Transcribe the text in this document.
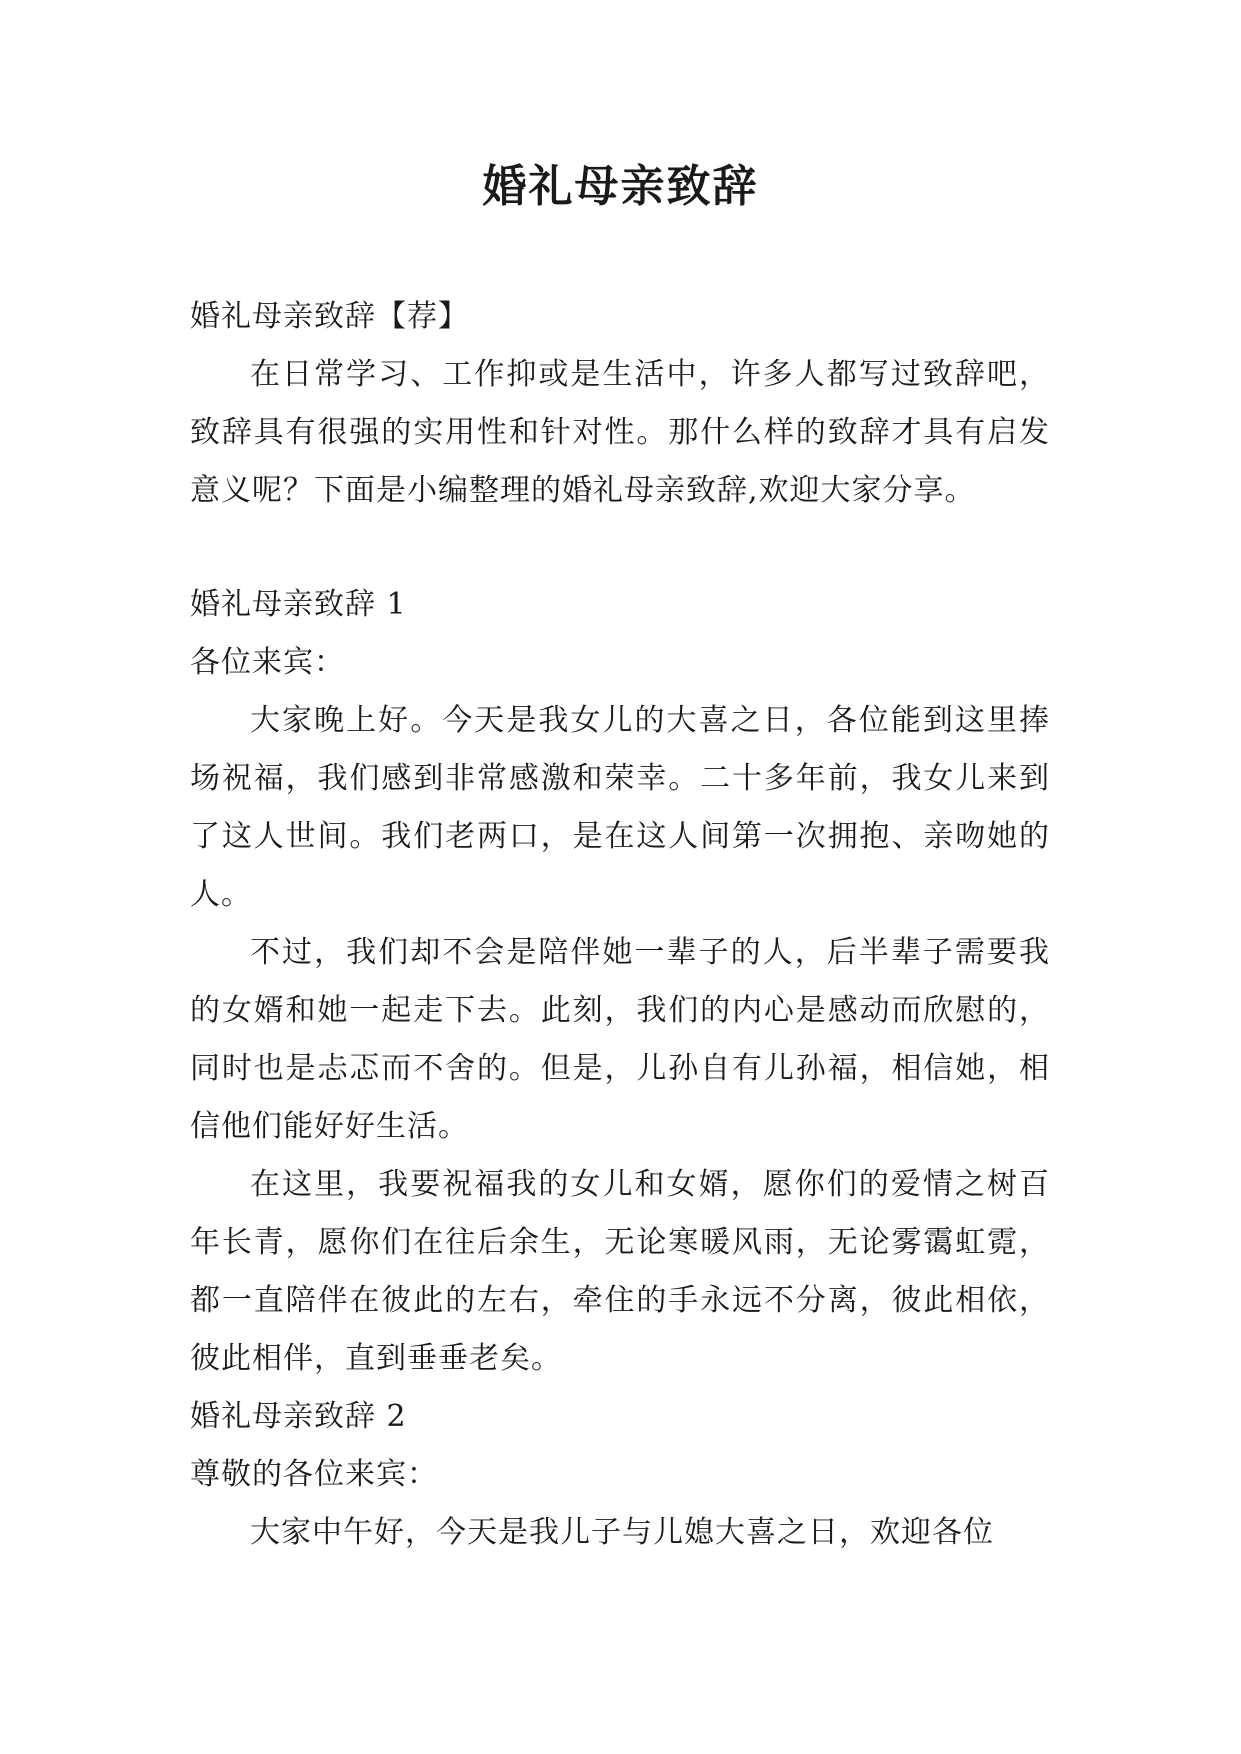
婚礼母亲致辞

婚礼母亲致辞【荐】

在日常学习、工作抑或是生活中，许多人都写过致辞吧，致辞具有很强的实用性和针对性。那什么样的致辞才具有启发意义呢？下面是小编整理的婚礼母亲致辞,欢迎大家分享。

婚礼母亲致辞 1

各位来宾：

大家晚上好。今天是我女儿的大喜之日，各位能到这里捧场祝福，我们感到非常感激和荣幸。二十多年前，我女儿来到了这人世间。我们老两口，是在这人间第一次拥抱、亲吻她的人。

不过，我们却不会是陪伴她一辈子的人，后半辈子需要我的女婿和她一起走下去。此刻，我们的内心是感动而欣慰的，同时也是忐忑而不舍的。但是，儿孙自有儿孙福，相信她，相信他们能好好生活。

在这里，我要祝福我的女儿和女婿，愿你们的爱情之树百年长青，愿你们在往后余生，无论寒暖风雨，无论雾霭虹霓，都一直陪伴在彼此的左右，牵住的手永远不分离，彼此相依，彼此相伴，直到垂垂老矣。

婚礼母亲致辞 2

尊敬的各位来宾：

大家中午好，今天是我儿子与儿媳大喜之日，欢迎各位
